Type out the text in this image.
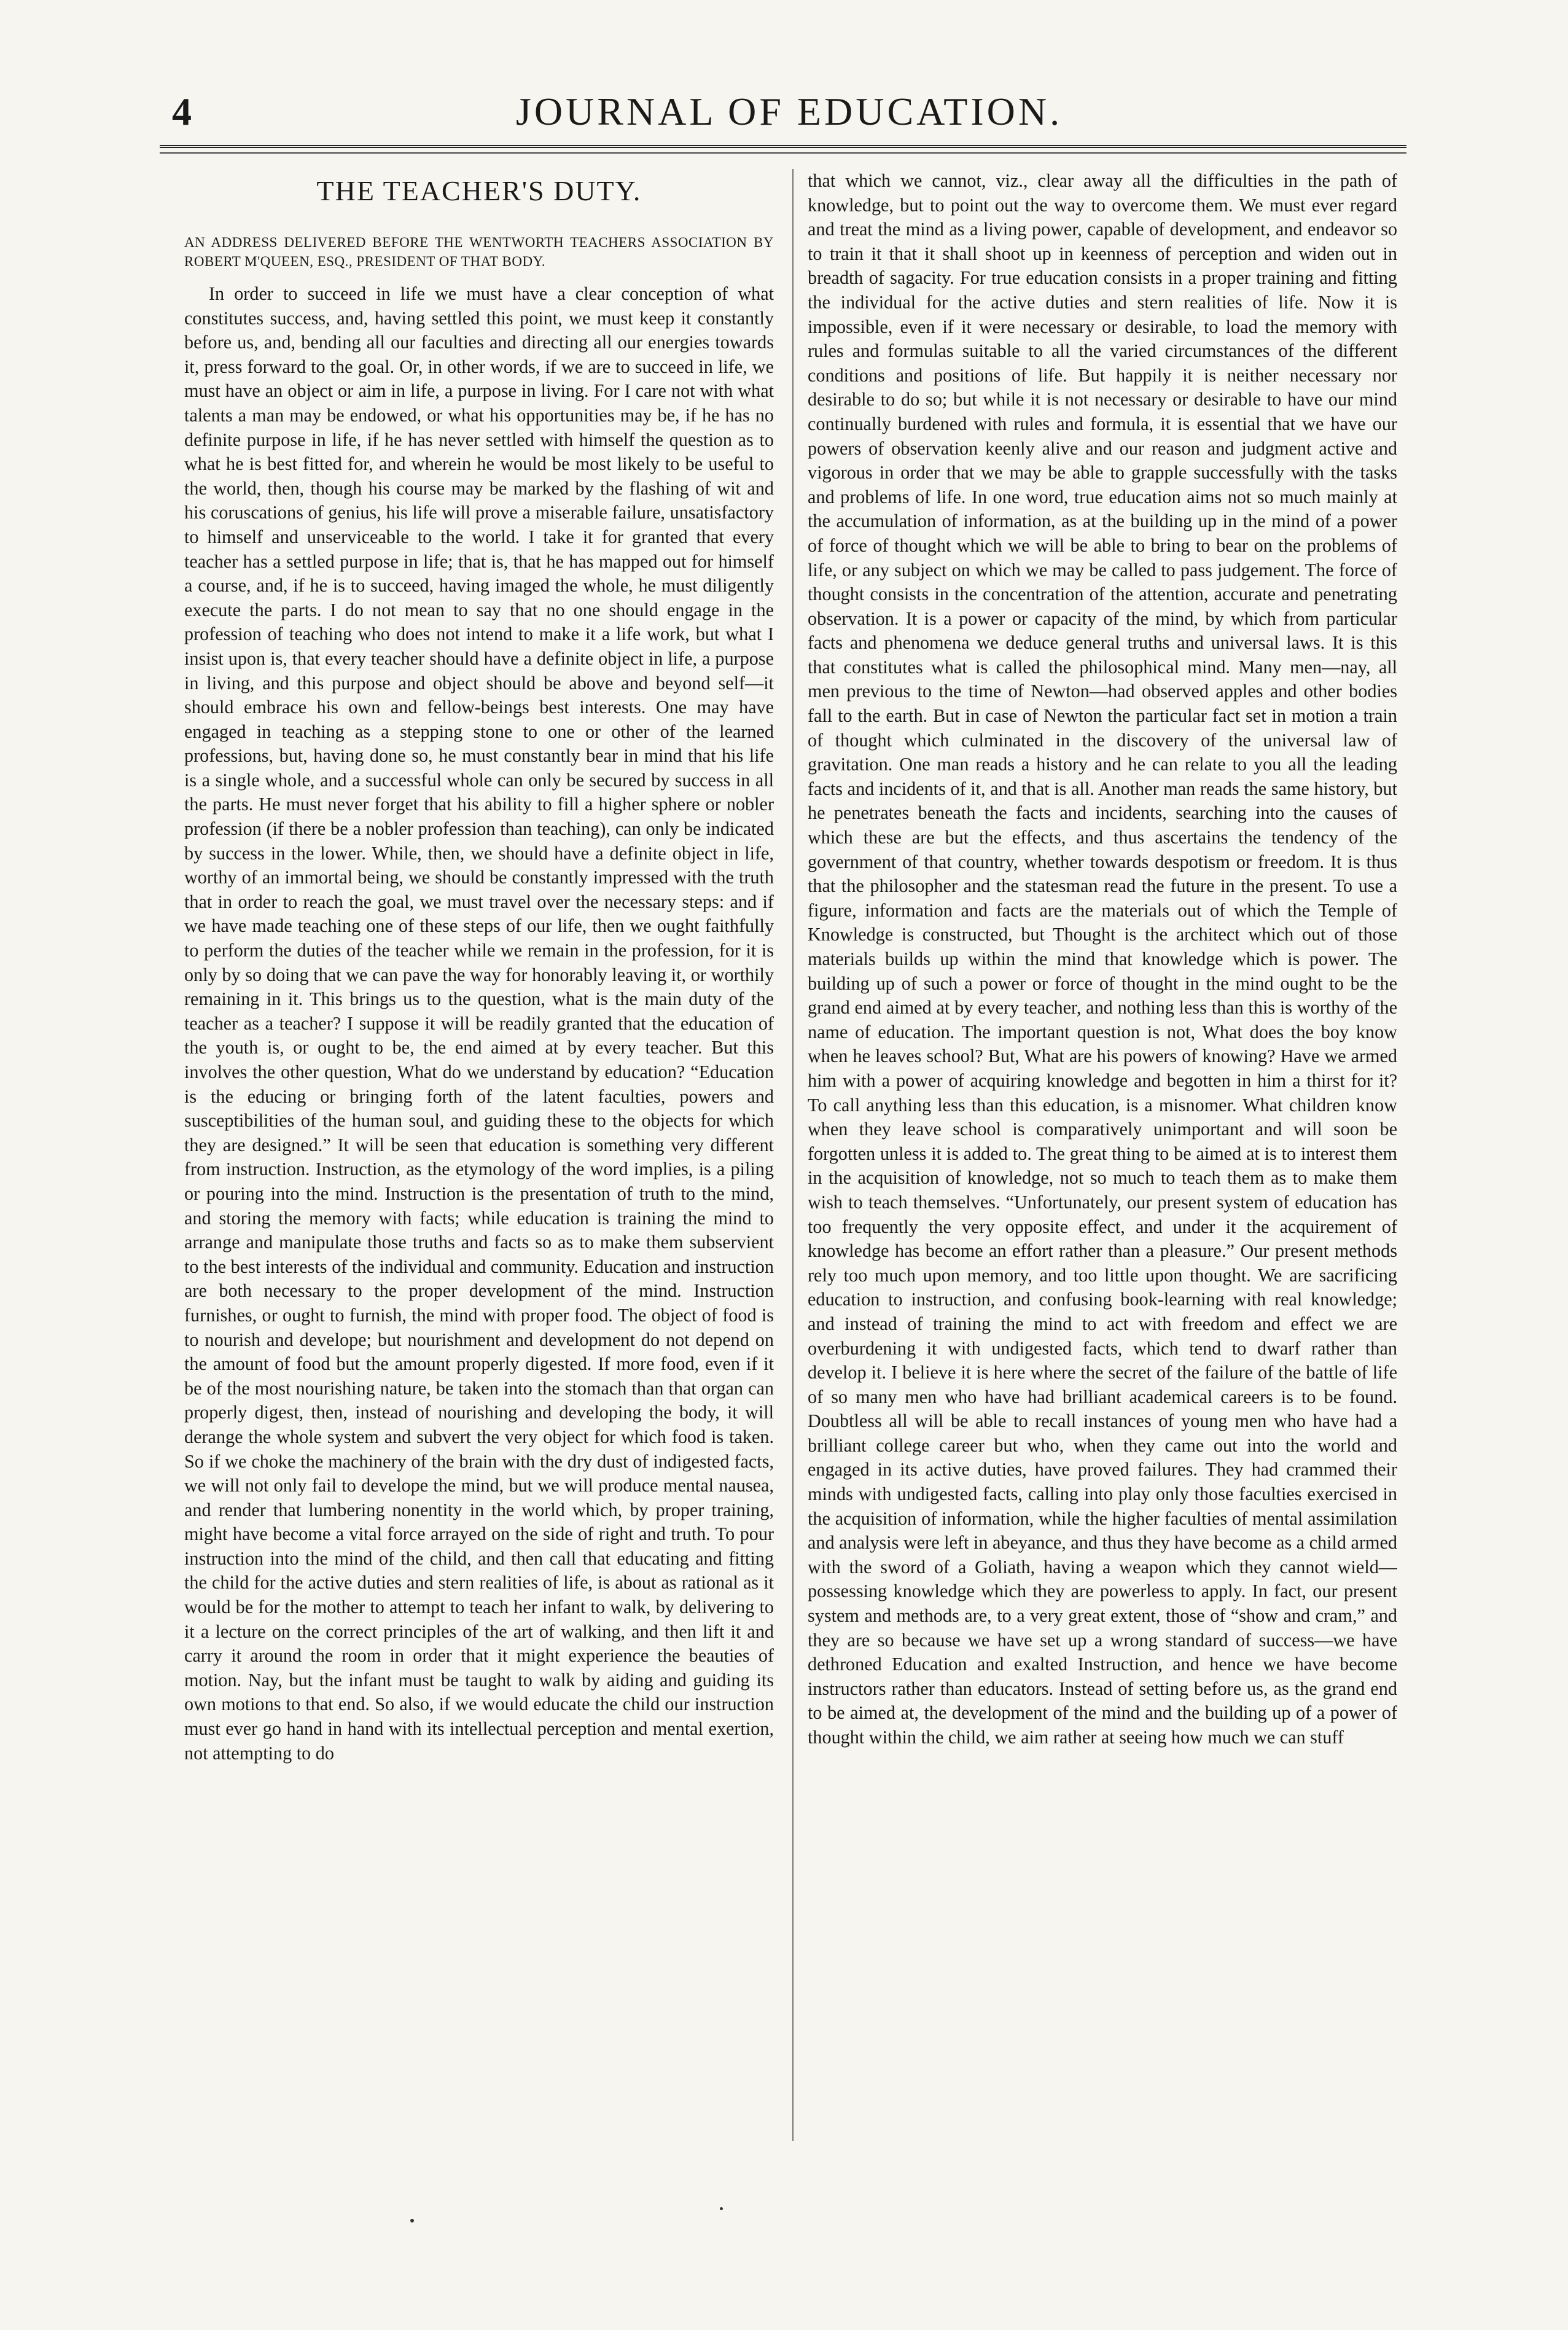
4	JOURNAL OF EDUCATION.
THE TEACHER'S DUTY.

AN ADDRESS DELIVERED BEFORE THE WENTWORTH TEACHERS ASSOCIATION BY ROBERT M'QUEEN, ESQ., PRESIDENT OF THAT BODY.

In order to succeed in life we must have a clear conception of what constitutes success, and, having settled this point, we must keep it constantly before us, and, bending all our faculties and directing all our energies towards it, press forward to the goal. Or, in other words, if we are to succeed in life, we must have an object or aim in life, a purpose in living. For I care not with what talents a man may be endowed, or what his opportunities may be, if he has no definite purpose in life, if he has never settled with himself the question as to what he is best fitted for, and wherein he would be most likely to be useful to the world, then, though his course may be marked by the flashing of wit and his coruscations of genius, his life will prove a miserable failure, unsatisfactory to himself and unserviceable to the world. I take it for granted that every teacher has a settled purpose in life; that is, that he has mapped out for himself a course, and, if he is to succeed, having imaged the whole, he must diligently execute the parts. I do not mean to say that no one should engage in the profession of teaching who does not intend to make it a life work, but what I insist upon is, that every teacher should have a definite object in life, a purpose in living, and this purpose and object should be above and beyond self—it should embrace his own and fellow-beings best interests. One may have engaged in teaching as a stepping stone to one or other of the learned professions, but, having done so, he must constantly bear in mind that his life is a single whole, and a successful whole can only be secured by success in all the parts. He must never forget that his ability to fill a higher sphere or nobler profession (if there be a nobler profession than teaching), can only be indicated by success in the lower. While, then, we should have a definite object in life, worthy of an immortal being, we should be constantly impressed with the truth that in order to reach the goal, we must travel over the necessary steps: and if we have made teaching one of these steps of our life, then we ought faithfully to perform the duties of the teacher while we remain in the profession, for it is only by so doing that we can pave the way for honorably leaving it, or worthily remaining in it. This brings us to the question, what is the main duty of the teacher as a teacher? I suppose it will be readily granted that the education of the youth is, or ought to be, the end aimed at by every teacher. But this involves the other question, What do we understand by education? “Education is the educing or bringing forth of the latent faculties, powers and susceptibilities of the human soul, and guiding these to the objects for which they are designed.” It will be seen that education is something very different from instruction. Instruction, as the etymology of the word implies, is a piling or pouring into the mind. Instruction is the presentation of truth to the mind, and storing the memory with facts; while education is training the mind to arrange and manipulate those truths and facts so as to make them subservient to the best interests of the individual and community. Education and instruction are both necessary to the proper development of the mind. Instruction furnishes, or ought to furnish, the mind with proper food. The object of food is to nourish and develope; but nourishment and development do not depend on the amount of food but the amount properly digested. If more food, even if it be of the most nourishing nature, be taken into the stomach than that organ can properly digest, then, instead of nourishing and developing the body, it will derange the whole system and subvert the very object for which food is taken. So if we choke the machinery of the brain with the dry dust of indigested facts, we will not only fail to develope the mind, but we will produce mental nausea, and render that lumbering nonentity in the world which, by proper training, might have become a vital force arrayed on the side of right and truth. To pour instruction into the mind of the child, and then call that educating and fitting the child for the active duties and stern realities of life, is about as rational as it would be for the mother to attempt to teach her infant to walk, by delivering to it a lecture on the correct principles of the art of walking, and then lift it and carry it around the room in order that it might experience the beauties of motion. Nay, but the infant must be taught to walk by aiding and guiding its own motions to that end. So also, if we would educate the child our instruction must ever go hand in hand with its intellectual perception and mental exertion, not attempting to do

that which we cannot, viz., clear away all the difficulties in the path of knowledge, but to point out the way to overcome them. We must ever regard and treat the mind as a living power, capable of development, and endeavor so to train it that it shall shoot up in keenness of perception and widen out in breadth of sagacity. For true education consists in a proper training and fitting the individual for the active duties and stern realities of life. Now it is impossible, even if it were necessary or desirable, to load the memory with rules and formulas suitable to all the varied circumstances of the different conditions and positions of life. But happily it is neither necessary nor desirable to do so; but while it is not necessary or desirable to have our mind continually burdened with rules and formula, it is essential that we have our powers of observation keenly alive and our reason and judgment active and vigorous in order that we may be able to grapple successfully with the tasks and problems of life. In one word, true education aims not so much mainly at the accumulation of information, as at the building up in the mind of a power of force of thought which we will be able to bring to bear on the problems of life, or any subject on which we may be called to pass judgement. The force of thought consists in the concentration of the attention, accurate and penetrating observation. It is a power or capacity of the mind, by which from particular facts and phenomena we deduce general truths and universal laws. It is this that constitutes what is called the philosophical mind. Many men—nay, all men previous to the time of Newton—had observed apples and other bodies fall to the earth. But in case of Newton the particular fact set in motion a train of thought which culminated in the discovery of the universal law of gravitation. One man reads a history and he can relate to you all the leading facts and incidents of it, and that is all. Another man reads the same history, but he penetrates beneath the facts and incidents, searching into the causes of which these are but the effects, and thus ascertains the tendency of the government of that country, whether towards despotism or freedom. It is thus that the philosopher and the statesman read the future in the present. To use a figure, information and facts are the materials out of which the Temple of Knowledge is constructed, but Thought is the architect which out of those materials builds up within the mind that knowledge which is power. The building up of such a power or force of thought in the mind ought to be the grand end aimed at by every teacher, and nothing less than this is worthy of the name of education. The important question is not, What does the boy know when he leaves school? But, What are his powers of knowing? Have we armed him with a power of acquiring knowledge and begotten in him a thirst for it? To call anything less than this education, is a misnomer. What children know when they leave school is comparatively unimportant and will soon be forgotten unless it is added to. The great thing to be aimed at is to interest them in the acquisition of knowledge, not so much to teach them as to make them wish to teach themselves. “Unfortunately, our present system of education has too frequently the very opposite effect, and under it the acquirement of knowledge has become an effort rather than a pleasure.” Our present methods rely too much upon memory, and too little upon thought. We are sacrificing education to instruction, and confusing book-learning with real knowledge; and instead of training the mind to act with freedom and effect we are overburdening it with undigested facts, which tend to dwarf rather than develop it. I believe it is here where the secret of the failure of the battle of life of so many men who have had brilliant academical careers is to be found. Doubtless all will be able to recall instances of young men who have had a brilliant college career but who, when they came out into the world and engaged in its active duties, have proved failures. They had crammed their minds with undigested facts, calling into play only those faculties exercised in the acquisition of information, while the higher faculties of mental assimilation and analysis were left in abeyance, and thus they have become as a child armed with the sword of a Goliath, having a weapon which they cannot wield—possessing knowledge which they are powerless to apply. In fact, our present system and methods are, to a very great extent, those of “show and cram,” and they are so because we have set up a wrong standard of success—we have dethroned Education and exalted Instruction, and hence we have become instructors rather than educators. Instead of setting before us, as the grand end to be aimed at, the development of the mind and the building up of a power of thought within the child, we aim rather at seeing how much we can stuff
